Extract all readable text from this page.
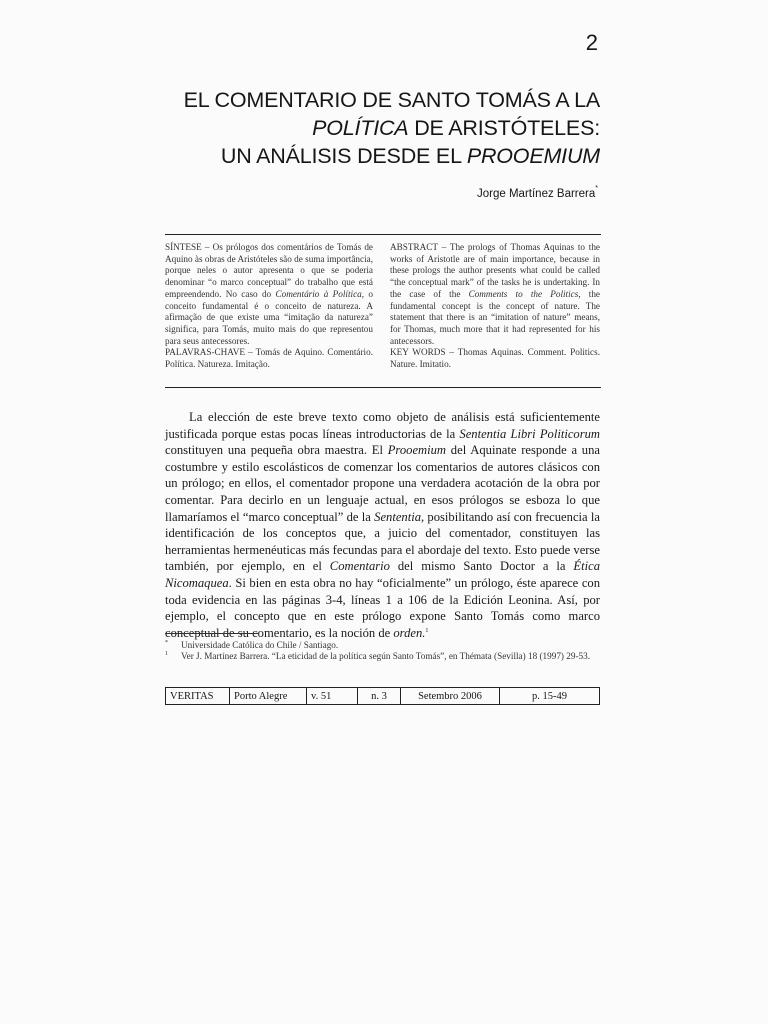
2
EL COMENTARIO DE SANTO TOMÁS A LA
POLÍTICA DE ARISTÓTELES:
UN ANÁLISIS DESDE EL PROOEMIUM
Jorge Martínez Barrera*

SÍNTESE – Os prólogos dos comentários de Tomás de Aquino às obras de Aristóteles são de suma importância, porque neles o autor apresenta o que se poderia denominar “o marco conceptual” do trabalho que está empreendendo. No caso do Comentário à Política, o conceito fundamental é o conceito de natureza. A afirmação de que existe uma “imitação da natureza” significa, para Tomás, muito mais do que representou para seus antecessores.

PALAVRAS-CHAVE – Tomás de Aquino. Comentário. Política. Natureza. Imitação.

ABSTRACT – The prologs of Thomas Aquinas to the works of Aristotle are of main importance, because in these prologs the author presents what could be called “the conceptual mark” of the tasks he is undertaking. In the case of the Comments to the Politics, the fundamental concept is the concept of nature. The statement that there is an “imitation of nature” means, for Thomas, much more that it had represented for his antecessors.

KEY WORDS – Thomas Aquinas. Comment. Politics. Nature. Imitatio.

La elección de este breve texto como objeto de análisis está suficientemente justificada porque estas pocas líneas introductorias de la Sententia Libri Politicorum constituyen una pequeña obra maestra. El Prooemium del Aquinate responde a una costumbre y estilo escolásticos de comenzar los comentarios de autores clásicos con un prólogo; en ellos, el comentador propone una verdadera acotación de la obra por comentar. Para decirlo en un lenguaje actual, en esos prólogos se esboza lo que llamaríamos el “marco conceptual” de la Sententia, posibilitando así con frecuencia la identificación de los conceptos que, a juicio del comentador, constituyen las herramientas hermenéuticas más fecundas para el abordaje del texto. Esto puede verse también, por ejemplo, en el Comentario del mismo Santo Doctor a la Ética Nicomaquea. Si bien en esta obra no hay “oficialmente” un prólogo, éste aparece con toda evidencia en las páginas 3-4, líneas 1 a 106 de la Edición Leonina. Así, por ejemplo, el concepto que en este prólogo expone Santo Tomás como marco conceptual de su comentario, es la noción de orden.$^1$

* Universidade Católica do Chile / Santiago.

1 Ver J. Martínez Barrera. “La eticidad de la política según Santo Tomás”, en Thémata (Sevilla) 18 (1997) 29-53.

VERITAS	Porto Alegre	v. 51	n. 3	Setembro 2006	p. 15-49
